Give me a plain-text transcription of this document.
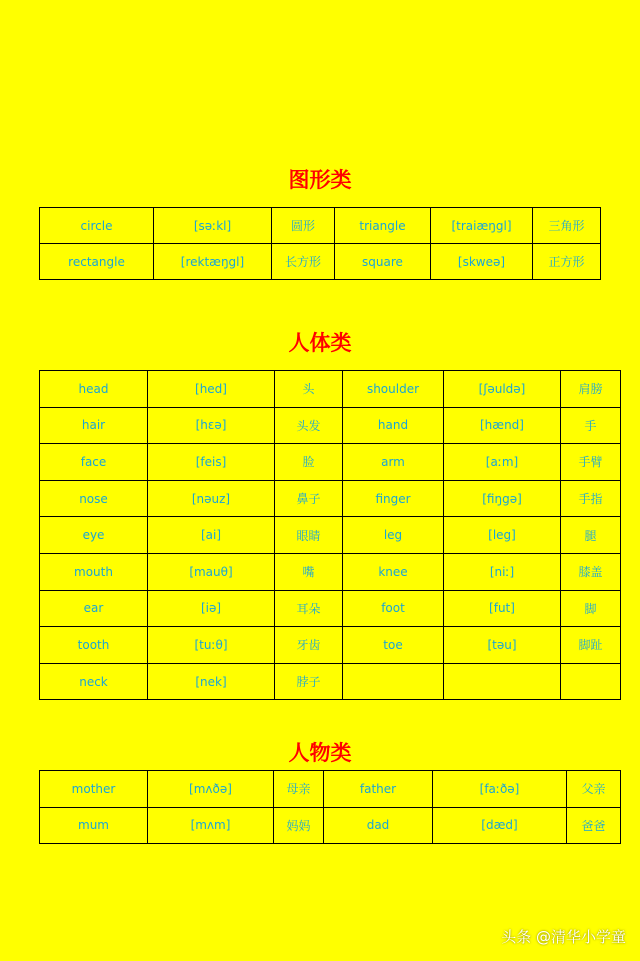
图形类
circle	[səːkl]	圆形	triangle	[traiæŋgl]	三角形
rectangle	[rektæŋgl]	长方形	square	[skweə]	正方形
人体类
head	[hed]	头	shoulder	[ʃəuldə]	肩膀
hair	[hεə]	头发	hand	[hænd]	手
face	[feis]	脸	arm	[aːm]	手臂
nose	[nəuz]	鼻子	finger	[fiŋgə]	手指
eye	[ai]	眼睛	leg	[leg]	腿
mouth	[mauθ]	嘴	knee	[niː]	膝盖
ear	[iə]	耳朵	foot	[fut]	脚
tooth	[tuːθ]	牙齿	toe	[təu]	脚趾
neck	[nek]	脖子			
人物类
mother	[mʌðə]	母亲	father	[faːðə]	父亲
mum	[mʌm]	妈妈	dad	[dæd]	爸爸
头条 @清华小学童
